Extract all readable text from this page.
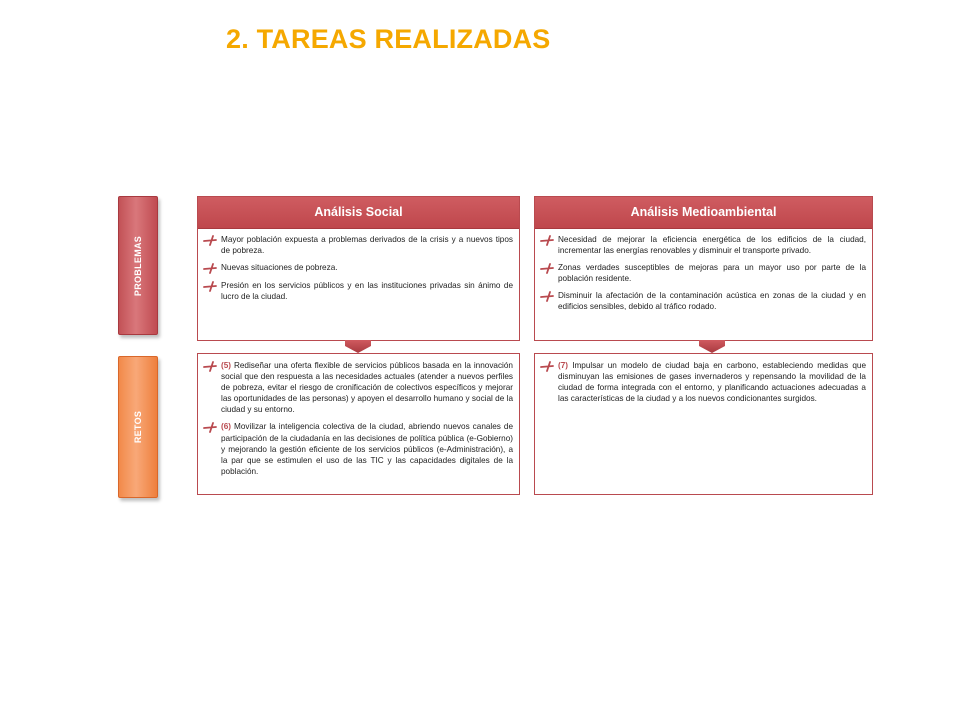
2. TAREAS REALIZADAS
PROBLEMAS
RETOS
Análisis Social
Mayor población expuesta a problemas derivados de la crisis y a nuevos tipos de pobreza.
Nuevas situaciones de pobreza.
Presión en los servicios públicos y en las instituciones privadas sin ánimo de lucro de la ciudad.
Análisis Medioambiental
Necesidad de mejorar la eficiencia energética de los edificios de la ciudad, incrementar las energías renovables y disminuir el transporte privado.
Zonas verdades susceptibles de mejoras para un mayor uso por parte de la población residente.
Disminuir la afectación de la contaminación acústica en zonas de la ciudad y en edificios sensibles, debido al tráfico rodado.
(5) Rediseñar una oferta flexible de servicios públicos basada en la innovación social que den respuesta a las necesidades actuales (atender a nuevos perfiles de pobreza, evitar el riesgo de cronificación de colectivos específicos y mejorar las oportunidades de las personas) y apoyen el desarrollo humano y social de la ciudad y su entorno.
(6) Movilizar la inteligencia colectiva de la ciudad, abriendo nuevos canales de participación de la ciudadanía en las decisiones de política pública (e-Gobierno) y mejorando la gestión eficiente de los servicios públicos (e-Administración), a la par que se estimulen el uso de las TIC y las capacidades digitales de la población.
(7) Impulsar un modelo de ciudad baja en carbono, estableciendo medidas que disminuyan las emisiones de gases invernaderos y repensando la movilidad de la ciudad de forma integrada con el entorno, y planificando actuaciones adecuadas a las características de la ciudad y a los nuevos condicionantes surgidos.
